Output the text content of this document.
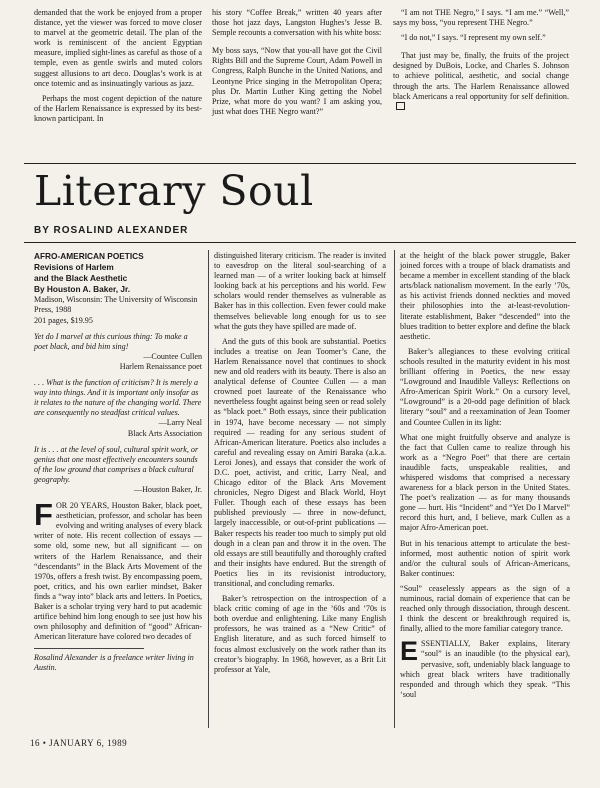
demanded that the work be enjoyed from a proper distance, yet the viewer was forced to move closer to marvel at the geometric detail. The plan of the work is reminiscent of the ancient Egyptian measure, implied sight-lines as careful as those of a temple, even as gentle swirls and muted colors suggest allusions to art deco. Douglas’s work is at once totemic and as insinuatingly various as jazz.

Perhaps the most cogent depiction of the nature of the Harlem Renaissance is expressed by its best-known participant. In

his story “Coffee Break,” written 40 years after those hot jazz days, Langston Hughes’s Jesse B. Semple recounts a conversation with his white boss:

My boss says, “Now that you-all have got the Civil Rights Bill and the Supreme Court, Adam Powell in Congress, Ralph Bunche in the United Nations, and Leontyne Price singing in the Metropolitan Opera; plus Dr. Martin Luther King getting the Nobel Prize, what more do you want? I am asking you, just what does THE Negro want?”

“I am not THE Negro,” I says. “I am me.” “Well,” says my boss, “you represent THE Negro.”

“I do not,” I says. “I represent my own self.”

That just may be, finally, the fruits of the project designed by DuBois, Locke, and Charles S. Johnson to achieve political, aesthetic, and social change through the arts. The Harlem Renaissance allowed black Americans a real opportunity for self definition.

Literary Soul
BY ROSALIND ALEXANDER
AFRO-AMERICAN POETICS
Revisions of Harlem
and the Black Aesthetic
By Houston A. Baker, Jr.
Madison, Wisconsin: The University of Wisconsin Press, 1988
201 pages, $19.95
Yet do I marvel at this curious thing: To make a poet black, and bid him sing!
—Countee Cullen
Harlem Renaissance poet
. . . What is the function of criticism? It is merely a way into things. And it is important only insofar as it relates to the nature of the changing world. There are consequently no steadfast critical values.
—Larry Neal
Black Arts Association
It is . . . at the level of soul, cultural spirit work, or genius that one most effectively encounters sounds of the low ground that comprises a black cultural geography.
—Houston Baker, Jr.

FOR 20 YEARS, Houston Baker, black poet, aesthetician, professor, and scholar has been evolving and writing analyses of every black writer of note. His recent collection of essays — some old, some new, but all significant — on writers of the Harlem Renaissance, and their “descendants” in the Black Arts Movement of the 1970s, offers a fresh twist. By encompassing poem, poet, critics, and his own earlier mindset, Baker finds a “way into” black arts and letters. In Poetics, Baker is a scholar trying very hard to put academic artifice behind him long enough to see just how his own philosophy and definition of “good” African-American literature have colored two decades of

Rosalind Alexander is a freelance writer living in Austin.

distinguished literary criticism. The reader is invited to eavesdrop on the literal soul-searching of a learned man — of a writer looking back at himself looking back at his perceptions and his world. Few scholars would render themselves as vulnerable as Baker has in this collection. Even fewer could make themselves believable long enough for us to see what the guts they have spilled are made of.

And the guts of this book are substantial. Poetics includes a treatise on Jean Toomer’s Cane, the Harlem Renaissance novel that continues to shock new and old readers with its beauty. There is also an analytical defense of Countee Cullen — a man crowned poet laureate of the Renaissance who nevertheless fought against being seen or read solely as “black poet.” Both essays, since their publication in 1974, have become necessary — not simply required — reading for any serious student of African-American literature. Poetics also includes a careful and revealing essay on Amiri Baraka (a.k.a. Leroi Jones), and essays that consider the work of D.C. poet, activist, and critic, Larry Neal, and Chicago editor of the Black Arts Movement chronicles, Negro Digest and Black World, Hoyt Fuller. Though each of these essays has been published previously — three in now-defunct, largely inaccessible, or out-of-print publications — Baker respects his reader too much to simply put old dough in a clean pan and throw it in the oven. The old essays are still beautifully and thoroughly crafted and their insights have endured. But the strength of Poetics lies in its revisionist introductory, transitional, and concluding remarks.

Baker’s retrospection on the introspection of a black critic coming of age in the ’60s and ’70s is both overdue and enlightening. Like many English professors, he was trained as a “New Critic” of English literature, and as such forced himself to focus almost exclusively on the work rather than its creator’s biography. In 1968, however, as a Brit Lit professor at Yale,

at the height of the black power struggle, Baker joined forces with a troupe of black dramatists and became a member in excellent standing of the black arts/black nationalism movement. In the early ’70s, as his activist friends donned neckties and moved their philosophies into the at-least-revolution-literate establishment, Baker “descended” into the blues tradition to better explore and define the black aesthetic.

Baker’s allegiances to these evolving critical schools resulted in the maturity evident in his most brilliant offering in Poetics, the new essay “Lowground and Inaudible Valleys: Reflections on Afro-American Spirit Work.” On a cursory level, “Lowground” is a 20-odd page definition of black literary “soul” and a reexamination of Jean Toomer and Countee Cullen in its light:

What one might fruitfully observe and analyze is the fact that Cullen came to realize through his work as a “Negro Poet” that there are certain inaudible facts, unspeakable realities, and whispered wisdoms that comprised a necessary awareness for a black person in the United States. The poet’s realization — as for many thousands gone — hurt. His “Incident” and “Yet Do I Marvel” record this hurt, and, I believe, mark Cullen as a major Afro-American poet.

But in his tenacious attempt to articulate the best-informed, most authentic notion of spirit work and/or the cultural souls of African-Americans, Baker continues:

“Soul” ceaselessly appears as the sign of a numinous, racial domain of experience that can be reached only through dissociation, through descent. I think the descent or breakthrough required is, finally, allied to the more familiar category trance.

ESSENTIALLY, Baker explains, literary “soul” is an inaudible (to the physical ear), pervasive, soft, undeniably black language to which great black writers have traditionally responded and through which they speak. “This ‘soul

16 • JANUARY 6, 1989
